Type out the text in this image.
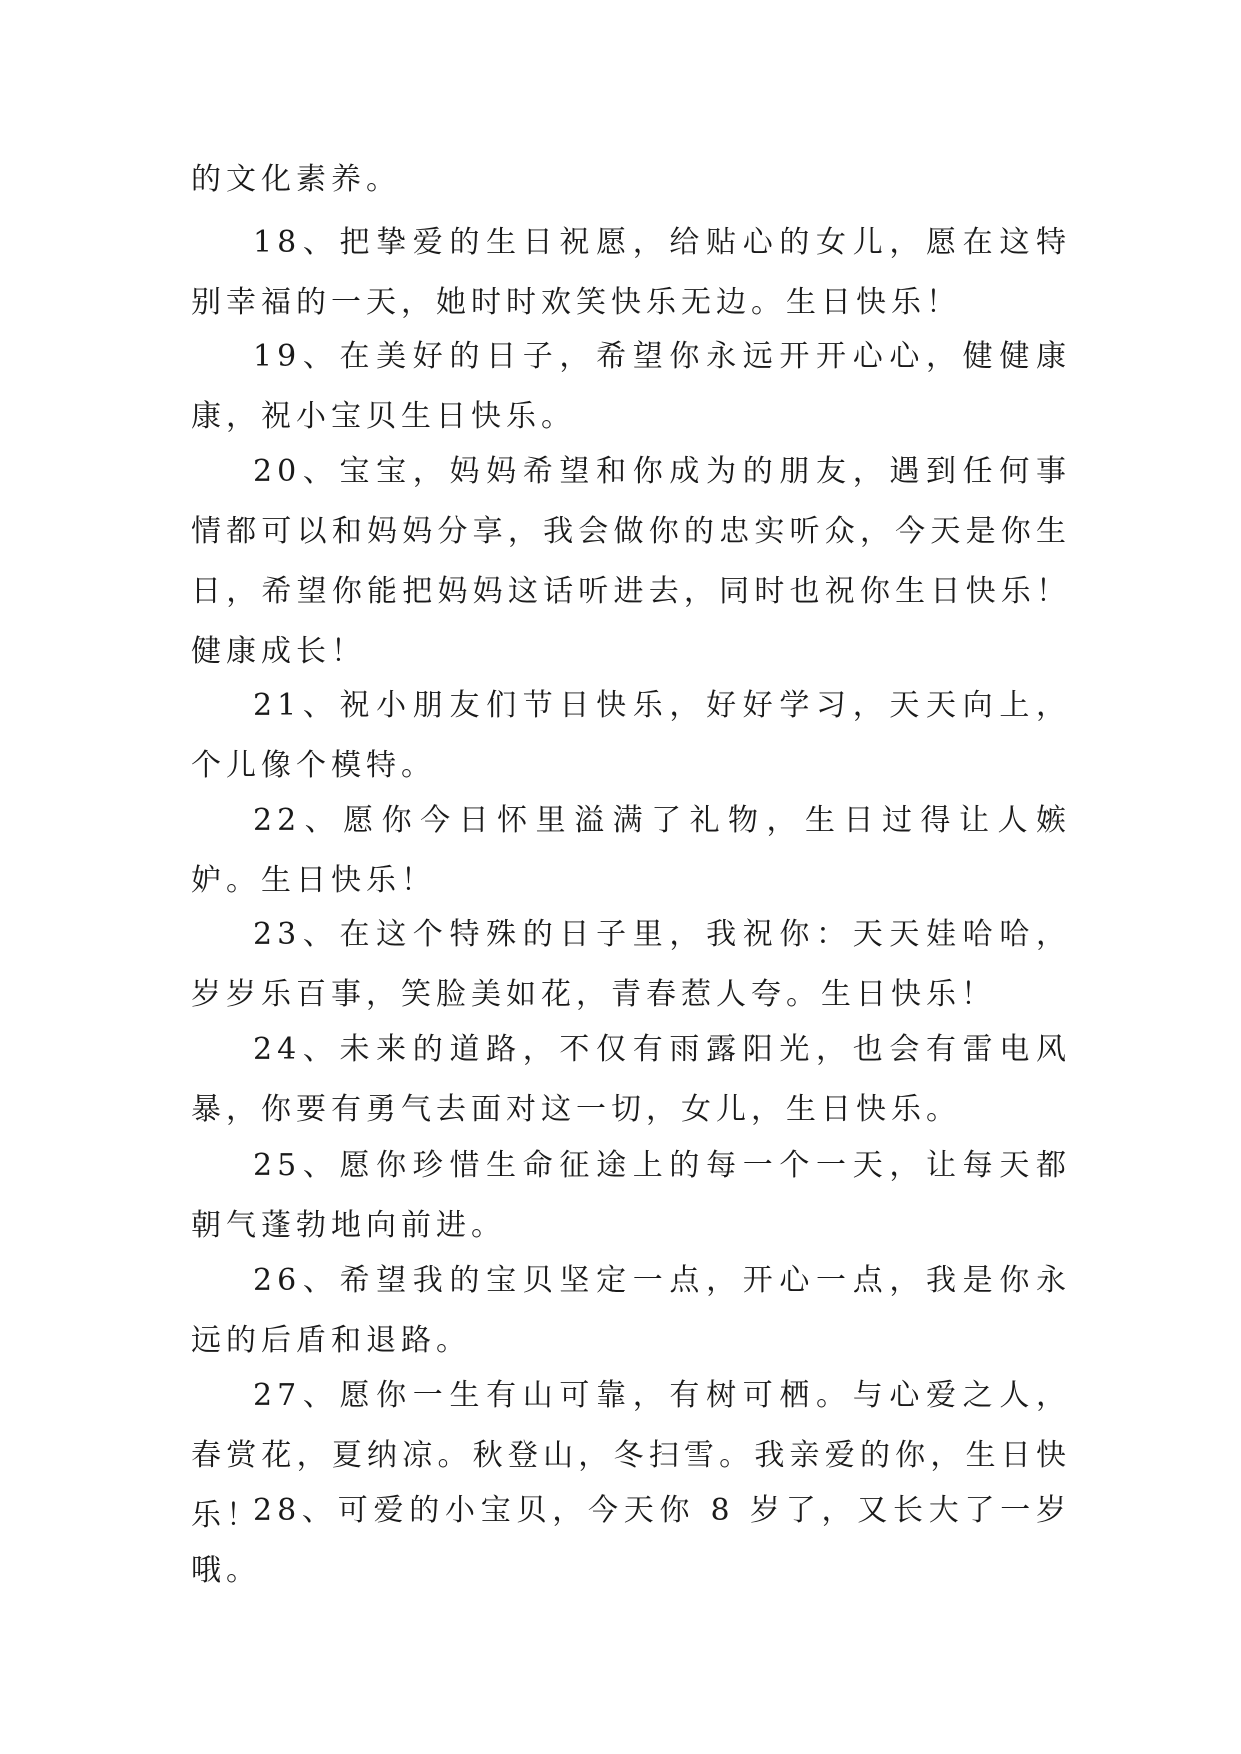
的文化素养。

18、把挚爱的生日祝愿，给贴心的女儿，愿在这特别幸福的一天，她时时欢笑快乐无边。生日快乐！

19、在美好的日子，希望你永远开开心心，健健康康，祝小宝贝生日快乐。

20、宝宝，妈妈希望和你成为的朋友，遇到任何事情都可以和妈妈分享，我会做你的忠实听众，今天是你生日，希望你能把妈妈这话听进去，同时也祝你生日快乐！健康成长！

21、祝小朋友们节日快乐，好好学习，天天向上，个儿像个模特。

22、愿你今日怀里溢满了礼物，生日过得让人嫉妒。生日快乐！

23、在这个特殊的日子里，我祝你：天天娃哈哈，岁岁乐百事，笑脸美如花，青春惹人夸。生日快乐！

24、未来的道路，不仅有雨露阳光，也会有雷电风暴，你要有勇气去面对这一切，女儿，生日快乐。

25、愿你珍惜生命征途上的每一个一天，让每天都朝气蓬勃地向前进。

26、希望我的宝贝坚定一点，开心一点，我是你永远的后盾和退路。

27、愿你一生有山可靠，有树可栖。与心爱之人，春赏花，夏纳凉。秋登山，冬扫雪。我亲爱的你，生日快乐！

28、可爱的小宝贝，今天你 8 岁了，又长大了一岁哦。
